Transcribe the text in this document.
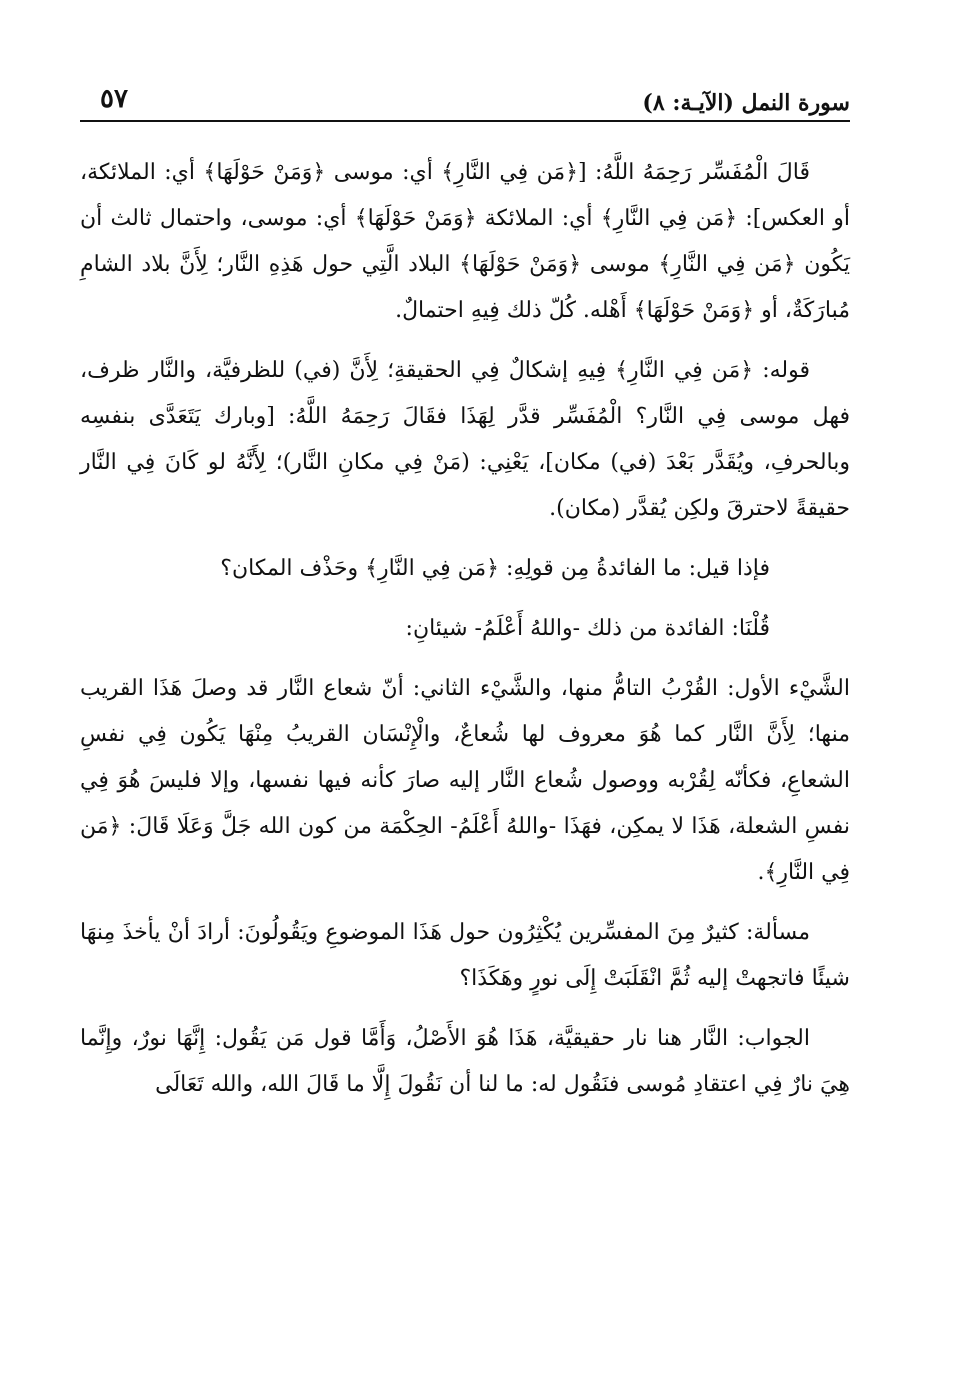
سورة النمل (الآيـة: ٨)
٥٧

قَالَ الْمُفَسِّر رَحِمَهُ اللَّهُ: [﴿مَن فِي النَّارِ﴾ أي: موسى ﴿وَمَنْ حَوْلَهَا﴾ أي: الملائكة، أو العكس]: ﴿مَن فِي النَّارِ﴾ أي: الملائكة ﴿وَمَنْ حَوْلَهَا﴾ أي: موسى، واحتمال ثالث أن يَكُون ﴿مَن فِي النَّارِ﴾ موسى ﴿وَمَنْ حَوْلَهَا﴾ البلاد الَّتِي حول هَذِهِ النَّار؛ لِأَنَّ بلاد الشامِ مُبارَكَةٌ، أو ﴿وَمَنْ حَوْلَهَا﴾ أَهْله. كُلّ ذلك فِيهِ احتمالٌ.

قوله: ﴿مَن فِي النَّارِ﴾ فِيهِ إشكالٌ فِي الحقيقةِ؛ لِأَنَّ (في) للظرفيَّة، والنَّار ظرف، فهل موسى فِي النَّار؟ الْمُفَسِّر قدَّر لِهَذَا فقَالَ رَحِمَهُ اللَّهُ: [وبارك يَتَعَدَّى بنفسِه وبالحرفِ، ويُقَدَّر بَعْدَ (في) مكان]، يَعْنِي: (مَنْ فِي مكانِ النَّار)؛ لِأَنَّهُ لو كَانَ فِي النَّار حقيقةً لاحترقَ ولكِن يُقدَّر (مكان).

فإذا قيل: ما الفائدةُ مِن قولِهِ: ﴿مَن فِي النَّارِ﴾ وحَذْف المكان؟

قُلْنَا: الفائدة من ذلك -واللهُ أَعْلَمُ- شيئانِ:

الشَّيْء الأول: القُرْبُ التامُّ منها، والشَّيْء الثاني: أنّ شعاع النَّار قد وصلَ هَذَا القريب منها؛ لِأَنَّ النَّار كما هُوَ معروف لها شُعاعٌ، والْإِنْسَان القريبُ مِنْهَا يَكُون فِي نفسِ الشعاعِ، فكأنّه لِقُرْبه ووصول شُعاع النَّار إليه صارَ كأنه فيها نفسها، وإلا فليسَ هُوَ فِي نفسِ الشعلة، هَذَا لا يمكِن، فهَذَا -واللهُ أَعْلَمُ- الحِكْمَة من كون الله جَلَّ وَعَلَا قَالَ: ﴿مَن فِي النَّارِ﴾.

مسألة: كثيرٌ مِنَ المفسِّرين يُكْثِرُون حول هَذَا الموضوعِ ويَقُولُونَ: أرادَ أنْ يأخذَ مِنهَا شيئًا فاتجهتْ إليه ثُمَّ انْقَلَبَتْ إِلَى نورٍ وهَكَذَا؟

الجواب: النَّار هنا نار حقيقيَّة، هَذَا هُوَ الأَصْلُ، وَأَمَّا قول مَن يَقُول: إِنَّهَا نورٌ، وإِنَّما هِيَ نارٌ فِي اعتقادِ مُوسى فنَقُول له: ما لنا أن نَقُولَ إِلَّا ما قَالَ الله، والله تَعَالَى
